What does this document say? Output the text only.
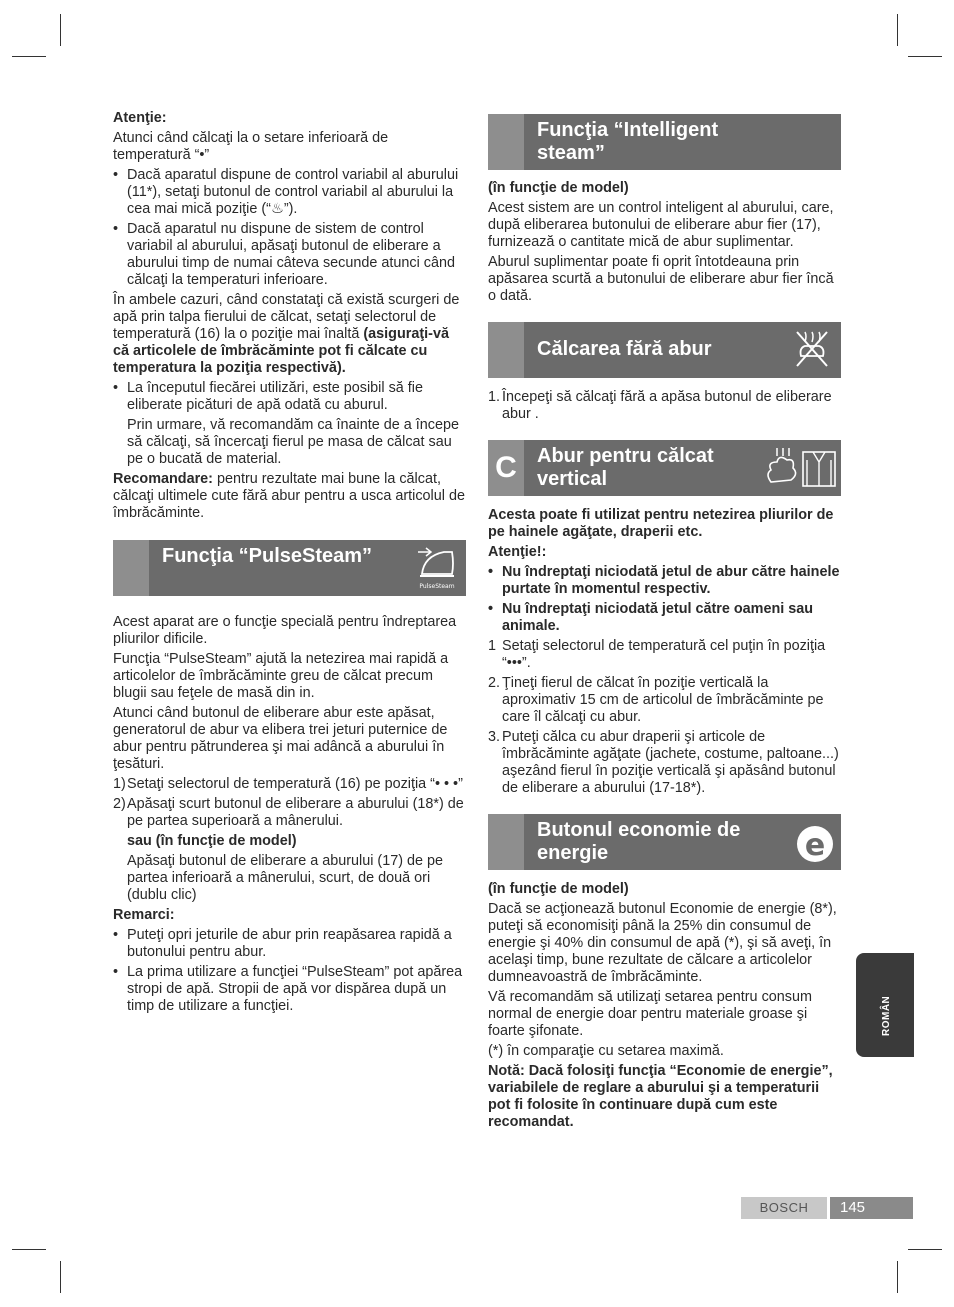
Atenţie:

Atunci când călcaţi la o setare inferioară de temperatură “•”

• Dacă aparatul dispune de control variabil al aburului (11*), setaţi butonul de control variabil al aburului la cea mai mică poziţie (“♨”).
• Dacă aparatul nu dispune de sistem de control variabil al aburului, apăsaţi butonul de eliberare a aburului timp de numai câteva secunde atunci când călcaţi la temperaturi inferioare.

În ambele cazuri, când constataţi că există scurgeri de apă prin talpa fierului de călcat, setaţi selectorul de temperatură (16) la o poziţie mai înaltă (asiguraţi-vă că articolele de îmbrăcăminte pot fi călcate cu temperatura la poziţia respectivă).

• La începutul fiecărei utilizări, este posibil să fie eliberate picături de apă odată cu aburul.

Prin urmare, vă recomandăm ca înainte de a începe să călcaţi, să încercaţi fierul pe masa de călcat sau pe o bucată de material.

Recomandare: pentru rezultate mai bune la călcat, călcaţi ultimele cute fără abur pentru a usca articolul de îmbrăcăminte.

Funcţia “PulseSteam”
PulseSteam

Acest aparat are o funcţie specială pentru îndreptarea pliurilor dificile.

Funcţia “PulseSteam” ajută la netezirea mai rapidă a articolelor de îmbrăcăminte greu de călcat precum blugii sau feţele de masă din in.

Atunci când butonul de eliberare abur este apăsat, generatorul de abur va elibera trei jeturi puternice de abur pentru pătrunderea şi mai adâncă a aburului în ţesături.

1) Setaţi selectorul de temperatură (16) pe poziţia “• • •”
2) Apăsaţi scurt butonul de eliberare a aburului (18*) de pe partea superioară a mânerului.

sau (în funcţie de model)

Apăsaţi butonul de eliberare a aburului (17) de pe partea inferioară a mânerului, scurt, de două ori (dublu clic)

Remarci:

• Puteţi opri jeturile de abur prin reapăsarea rapidă a butonului pentru abur.
• La prima utilizare a funcţiei “PulseSteam” pot apărea stropi de apă. Stropii de apă vor dispărea după un timp de utilizare a funcţiei.
Funcţia “Intelligent steam”

(în funcţie de model)

Acest sistem are un control inteligent al aburului, care, după eliberarea butonului de eliberare abur fier (17), furnizează o cantitate mică de abur suplimentar.

Aburul suplimentar poate fi oprit întotdeauna prin apăsarea scurtă a butonului de eliberare abur fier încă o dată.

Călcarea fără abur
1. Începeţi să călcaţi fără a apăsa butonul de eliberare abur .
C	Abur pentru călcat vertical

Acesta poate fi utilizat pentru netezirea pliurilor de pe hainele agăţate, draperii etc.

Atenţie!:

• Nu îndreptaţi niciodată jetul de abur către hainele purtate în momentul respectiv.
• Nu îndreptaţi niciodată jetul către oameni sau animale.
1 Setaţi selectorul de temperatură cel puţin în poziţia “•••”.
2. Ţineţi fierul de călcat în poziţie verticală la aproximativ 15 cm de articolul de îmbrăcăminte pe care îl călcaţi cu abur.
3. Puteţi călca cu abur draperii şi articole de îmbrăcăminte agăţate (jachete, costume, paltoane...) aşezând fierul în poziţie verticală şi apăsând butonul de eliberare a aburului (17-18*).
Butonul economie de energie	e

(în funcţie de model)

Dacă se acţionează butonul Economie de energie (8*), puteţi să economisiţi până la 25% din consumul de energie şi 40% din consumul de apă (*), şi să aveţi, în acelaşi timp, bune rezultate de călcare a articolelor dumneavoastră de îmbrăcăminte.

Vă recomandăm să utilizaţi setarea pentru consum normal de energie doar pentru materiale groase şi foarte şifonate.

(*) în comparaţie cu setarea maximă.

Notă: Dacă folosiţi funcţia “Economie de energie”, variabilele de reglare a aburului şi a temperaturii pot fi folosite în continuare după cum este recomandat.

ROMÂN
BOSCH	145
